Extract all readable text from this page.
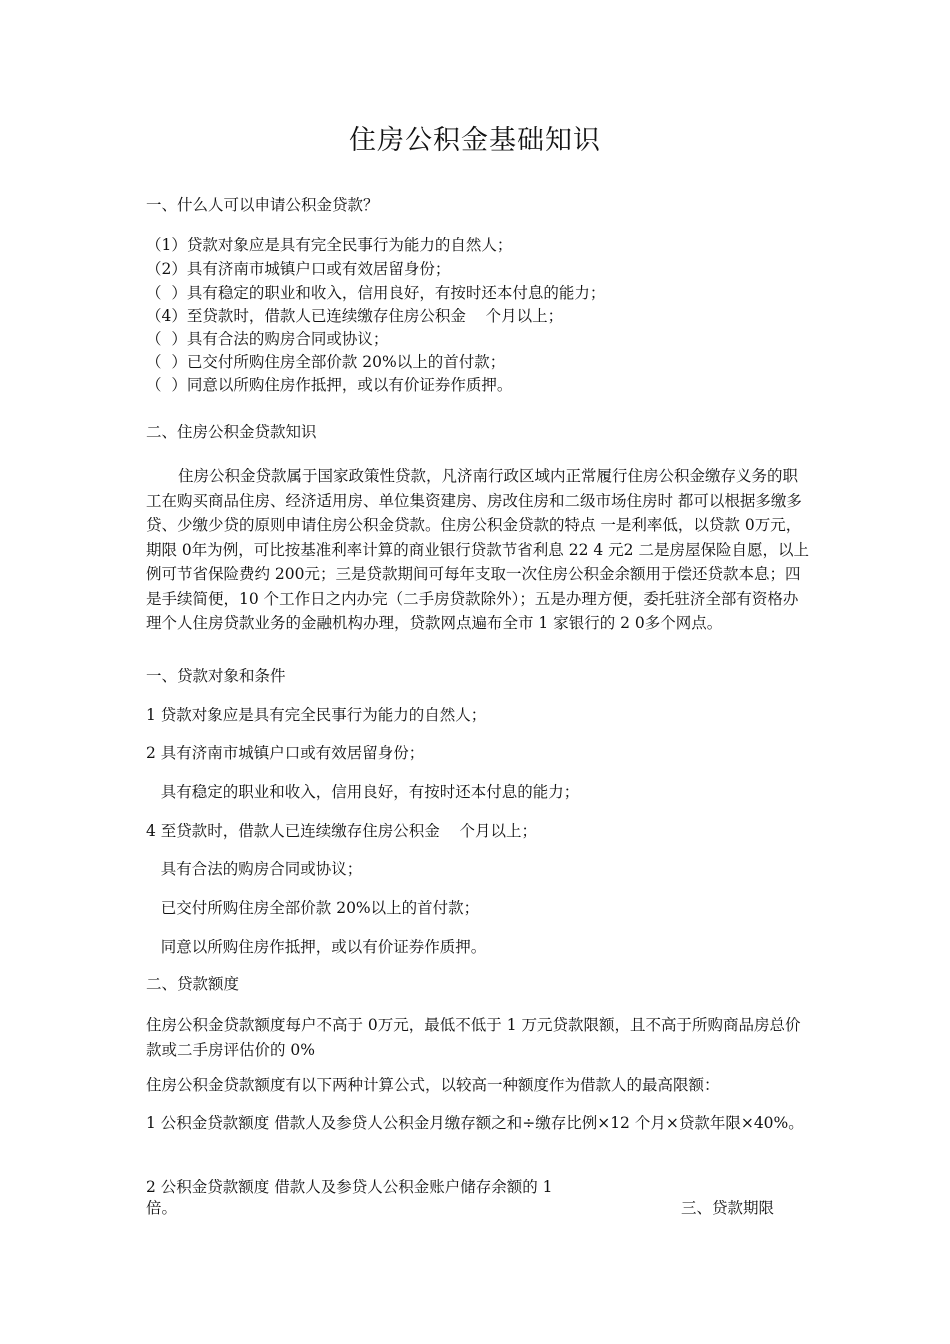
住房公积金基础知识
一、什么人可以申请公积金贷款？
（1）贷款对象应是具有完全民事行为能力的自然人；
（2）具有济南市城镇户口或有效居留身份；
（  ）具有稳定的职业和收入，信用良好，有按时还本付息的能力；
（4）至贷款时，借款人已连续缴存住房公积金    个月以上；
（  ）具有合法的购房合同或协议；
（  ）已交付所购住房全部价款 20%以上的首付款；
（  ）同意以所购住房作抵押，或以有价证券作质押。
二、住房公积金贷款知识

住房公积金贷款属于国家政策性贷款，凡济南行政区域内正常履行住房公积金缴存义务的职工在购买商品住房、经济适用房、单位集资建房、房改住房和二级市场住房时 都可以根据多缴多贷、少缴少贷的原则申请住房公积金贷款。住房公积金贷款的特点 一是利率低，以贷款 0万元，期限 0年为例，可比按基准利率计算的商业银行贷款节省利息 22 4 元2 二是房屋保险自愿，以上例可节省保险费约 200元；三是贷款期间可每年支取一次住房公积金余额用于偿还贷款本息；四是手续简便，10 个工作日之内办完（二手房贷款除外）；五是办理方便，委托驻济全部有资格办理个人住房贷款业务的金融机构办理，贷款网点遍布全市 1 家银行的 2 0多个网点。

一、贷款对象和条件
1 贷款对象应是具有完全民事行为能力的自然人；
2 具有济南市城镇户口或有效居留身份；
具有稳定的职业和收入，信用良好，有按时还本付息的能力；
4 至贷款时，借款人已连续缴存住房公积金    个月以上；
具有合法的购房合同或协议；
已交付所购住房全部价款 20%以上的首付款；
同意以所购住房作抵押，或以有价证券作质押。
二、贷款额度

住房公积金贷款额度每户不高于 0万元，最低不低于 1 万元贷款限额，且不高于所购商品房总价款或二手房评估价的 0%

住房公积金贷款额度有以下两种计算公式，以较高一种额度作为借款人的最高限额：

1 公积金贷款额度 借款人及参贷人公积金月缴存额之和÷缴存比例×12 个月×贷款年限×40%。

2 公积金贷款额度 借款人及参贷人公积金账户储存余额的 1
倍。	三、贷款期限
